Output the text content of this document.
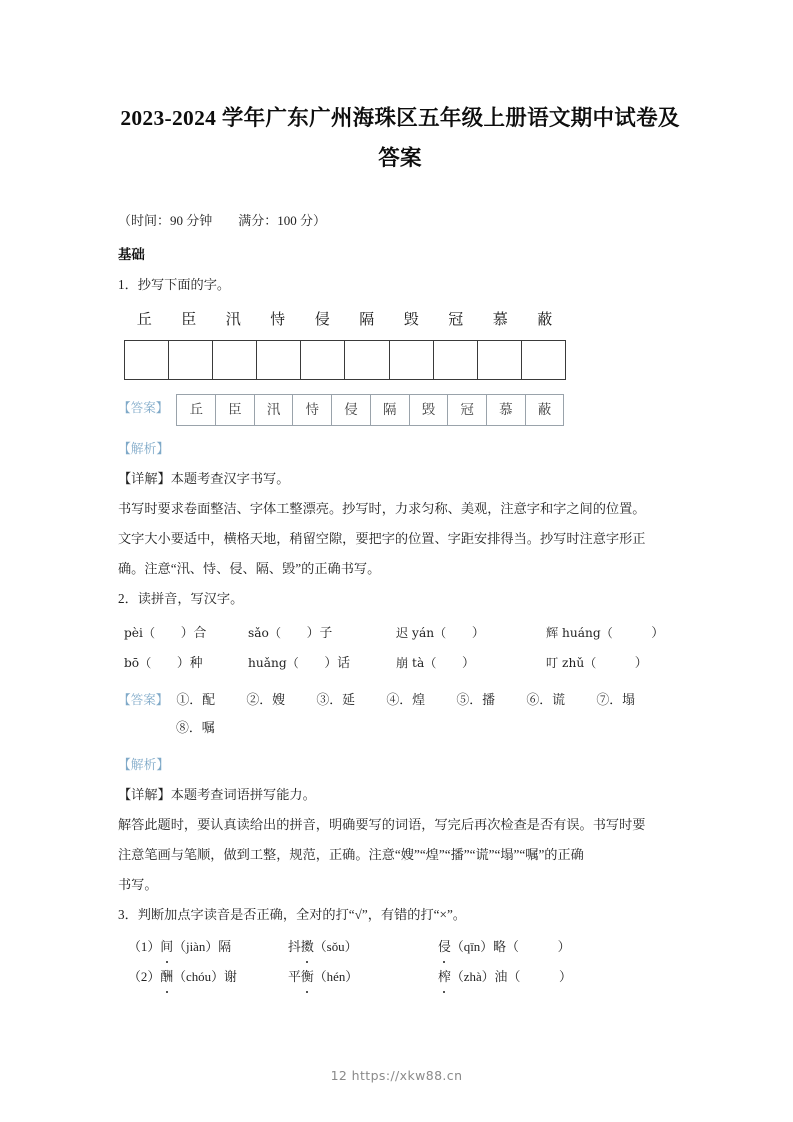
2023-2024 学年广东广州海珠区五年级上册语文期中试卷及答案
（时间：90 分钟　　满分：100 分）
基础
1．抄写下面的字。
丘	臣	汛	恃	侵	隔	毁	冠	慕	蔽
【答案】	丘	臣	汛	恃	侵	隔	毁	冠	慕	蔽
【解析】
【详解】本题考查汉字书写。
书写时要求卷面整洁、字体工整漂亮。抄写时，力求匀称、美观，注意字和字之间的位置。
文字大小要适中，横格天地，稍留空隙，要把字的位置、字距安排得当。抄写时注意字形正
确。注意“汛、恃、侵、隔、毁”的正确书写。
2．读拼音，写汉字。
pèi（　　）合	sǎo（　　）子	迟 yán（　　）	辉 huáng（　　　）
bō（　　）种	huǎng（　　）话	崩 tà（　　）	叮 zhǔ（　　　）
【答案】 ①．配	②．嫂	③．延	④．煌	⑤．播	⑥．谎	⑦．塌
⑧．嘱
【解析】
【详解】本题考查词语拼写能力。
解答此题时，要认真读给出的拼音，明确要写的词语，写完后再次检查是否有误。书写时要
注意笔画与笔顺，做到工整，规范，正确。注意“嫂”“煌”“播”“谎”“塌”“嘱”的正确
书写。
3．判断加点字读音是否正确，全对的打“√”，有错的打“×”。
（1）间（jiàn）隔	抖擞（sǒu）	侵（qīn）略（　　　）
（2）酬（chóu）谢	平衡（hén）	榨（zhà）油（　　　）
12 https://xkw88.cn
